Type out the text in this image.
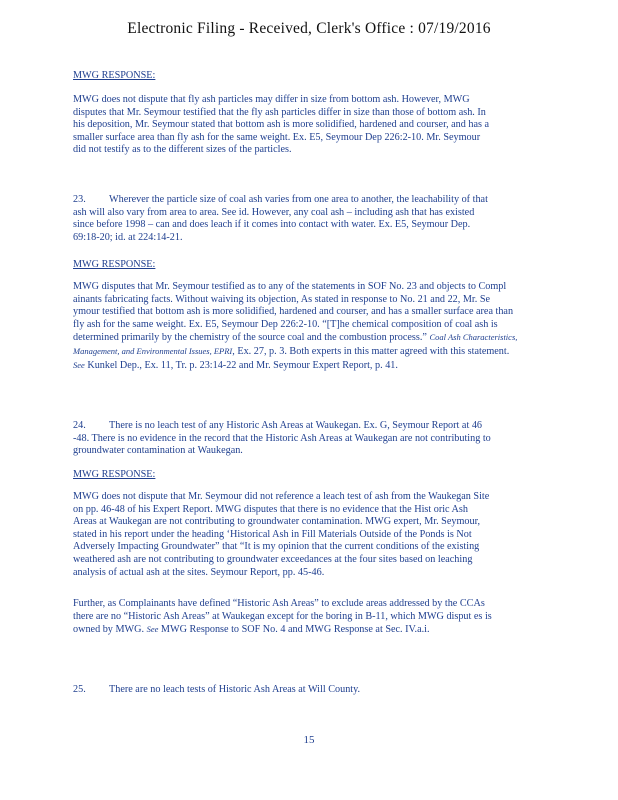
Electronic Filing - Received, Clerk's Office : 07/19/2016

MWG RESPONSE:

MWG does not dispute that fly ash particles may differ in size from bottom ash. However, MWG disputes that Mr. Seymour testified that the fly ash particles differ in size than those of bottom ash. In his deposition, Mr. Seymour stated that bottom ash is more solidified, hardened and courser, and has a smaller surface area than fly ash for the same weight. Ex. E5, Seymour Dep 226:2-10. Mr. Seymour did not testify as to the different sizes of the particles.

23. Wherever the particle size of coal ash varies from one area to another, the leachability of that ash will also vary from area to area. See id. However, any coal ash – including ash that has existed since before 1998 – can and does leach if it comes into contact with water. Ex. E5, Seymour Dep. 69:18-20; id. at 224:14-21.

MWG RESPONSE:

MWG disputes that Mr. Seymour testified as to any of the statements in SOF No. 23 and objects to Compl ainants fabricating facts. Without waiving its objection, As stated in response to No. 21 and 22, Mr. Se ymour testified that bottom ash is more solidified, hardened and courser, and has a smaller surface area than fly ash for the same weight. Ex. E5, Seymour Dep 226:2-10. “[T]he chemical composition of coal ash is determined primarily by the chemistry of the source coal and the combustion process.” Coal Ash Characteristics, Management, and Environmental Issues, EPRI, Ex. 27, p. 3. Both experts in this matter agreed with this statement. See Kunkel Dep., Ex. 11, Tr. p. 23:14-22 and Mr. Seymour Expert Report, p. 41.

24. There is no leach test of any Historic Ash Areas at Waukegan. Ex. G, Seymour Report at 46 -48. There is no evidence in the record that the Historic Ash Areas at Waukegan are not contributing to groundwater contamination at Waukegan.

MWG RESPONSE:

MWG does not dispute that Mr. Seymour did not reference a leach test of ash from the Waukegan Site on pp. 46-48 of his Expert Report. MWG disputes that there is no evidence that the Hist oric Ash Areas at Waukegan are not contributing to groundwater contamination. MWG expert, Mr. Seymour, stated in his report under the heading ‘Historical Ash in Fill Materials Outside of the Ponds is Not Adversely Impacting Groundwater” that “It is my opinion that the current conditions of the existing weathered ash are not contributing to groundwater exceedances at the four sites based on leaching analysis of actual ash at the sites. Seymour Report, pp. 45-46.

Further, as Complainants have defined “Historic Ash Areas” to exclude areas addressed by the CCAs there are no “Historic Ash Areas” at Waukegan except for the boring in B-11, which MWG disput es is owned by MWG. See MWG Response to SOF No. 4 and MWG Response at Sec. IV.a.i.

25. There are no leach tests of Historic Ash Areas at Will County.

15
